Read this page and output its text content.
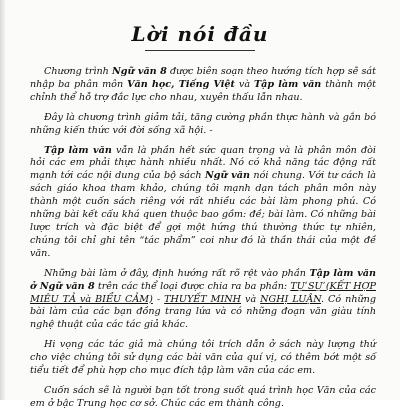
Lời nói đầu

Chương trình Ngữ văn 8 được biên soạn theo hướng tích hợp sẽ sát nhập ba phân môn Văn học, Tiếng Việt và Tập làm văn thành một chỉnh thể hỗ trợ đắc lực cho nhau, xuyên thấu lẫn nhau.

Đây là chương trình giảm tải, tăng cường phần thực hành và gắn bó những kiến thức với đời sống xã hội. -

Tập làm văn vẫn là phần hết sức quan trọng và là phân môn đòi hỏi các em phải thực hành nhiều nhất. Nó có khả năng tác động rất mạnh tới các nội dung của bộ sách Ngữ văn nói chung. Với tư cách là sách giáo khoa tham khảo, chúng tôi mạnh dạn tách phân môn này thành một cuốn sách riêng với rất nhiều các bài làm phong phú. Có những bài kết cấu khá quen thuộc bao gồm: đề; bài làm. Có những bài lược trích và đặc biệt để gợi một hứng thú thường thức tự nhiên, chúng tôi chỉ ghi tên “tác phẩm” coi như đó là thần thái của một đề văn.

Những bài làm ở đây, định hướng rất rõ rệt vào phần Tập làm văn ở Ngữ văn 8 trên các thể loại được chia ra ba phần: TỰ SỰ (KẾT HỢP MIÊU TẢ và BIỂU CẢM) - THUYẾT MINH và NGHỊ LUẬN. Có những bài làm của các bạn đồng trang lứa và có những đoạn văn giàu tính nghệ thuật của các tác giả khác.

Hi vọng các tác giả mà chúng tôi trích dẫn ở sách này lượng thứ cho việc chúng tôi sử dụng các bài văn của quí vị, có thêm bớt một số tiểu tiết để phù hợp cho mục đích tập làm văn của các em.

Cuốn sách sẽ là người bạn tốt trong suốt quá trình học Văn của các em ở bậc Trung học cơ sở. Chúc các em thành công.
